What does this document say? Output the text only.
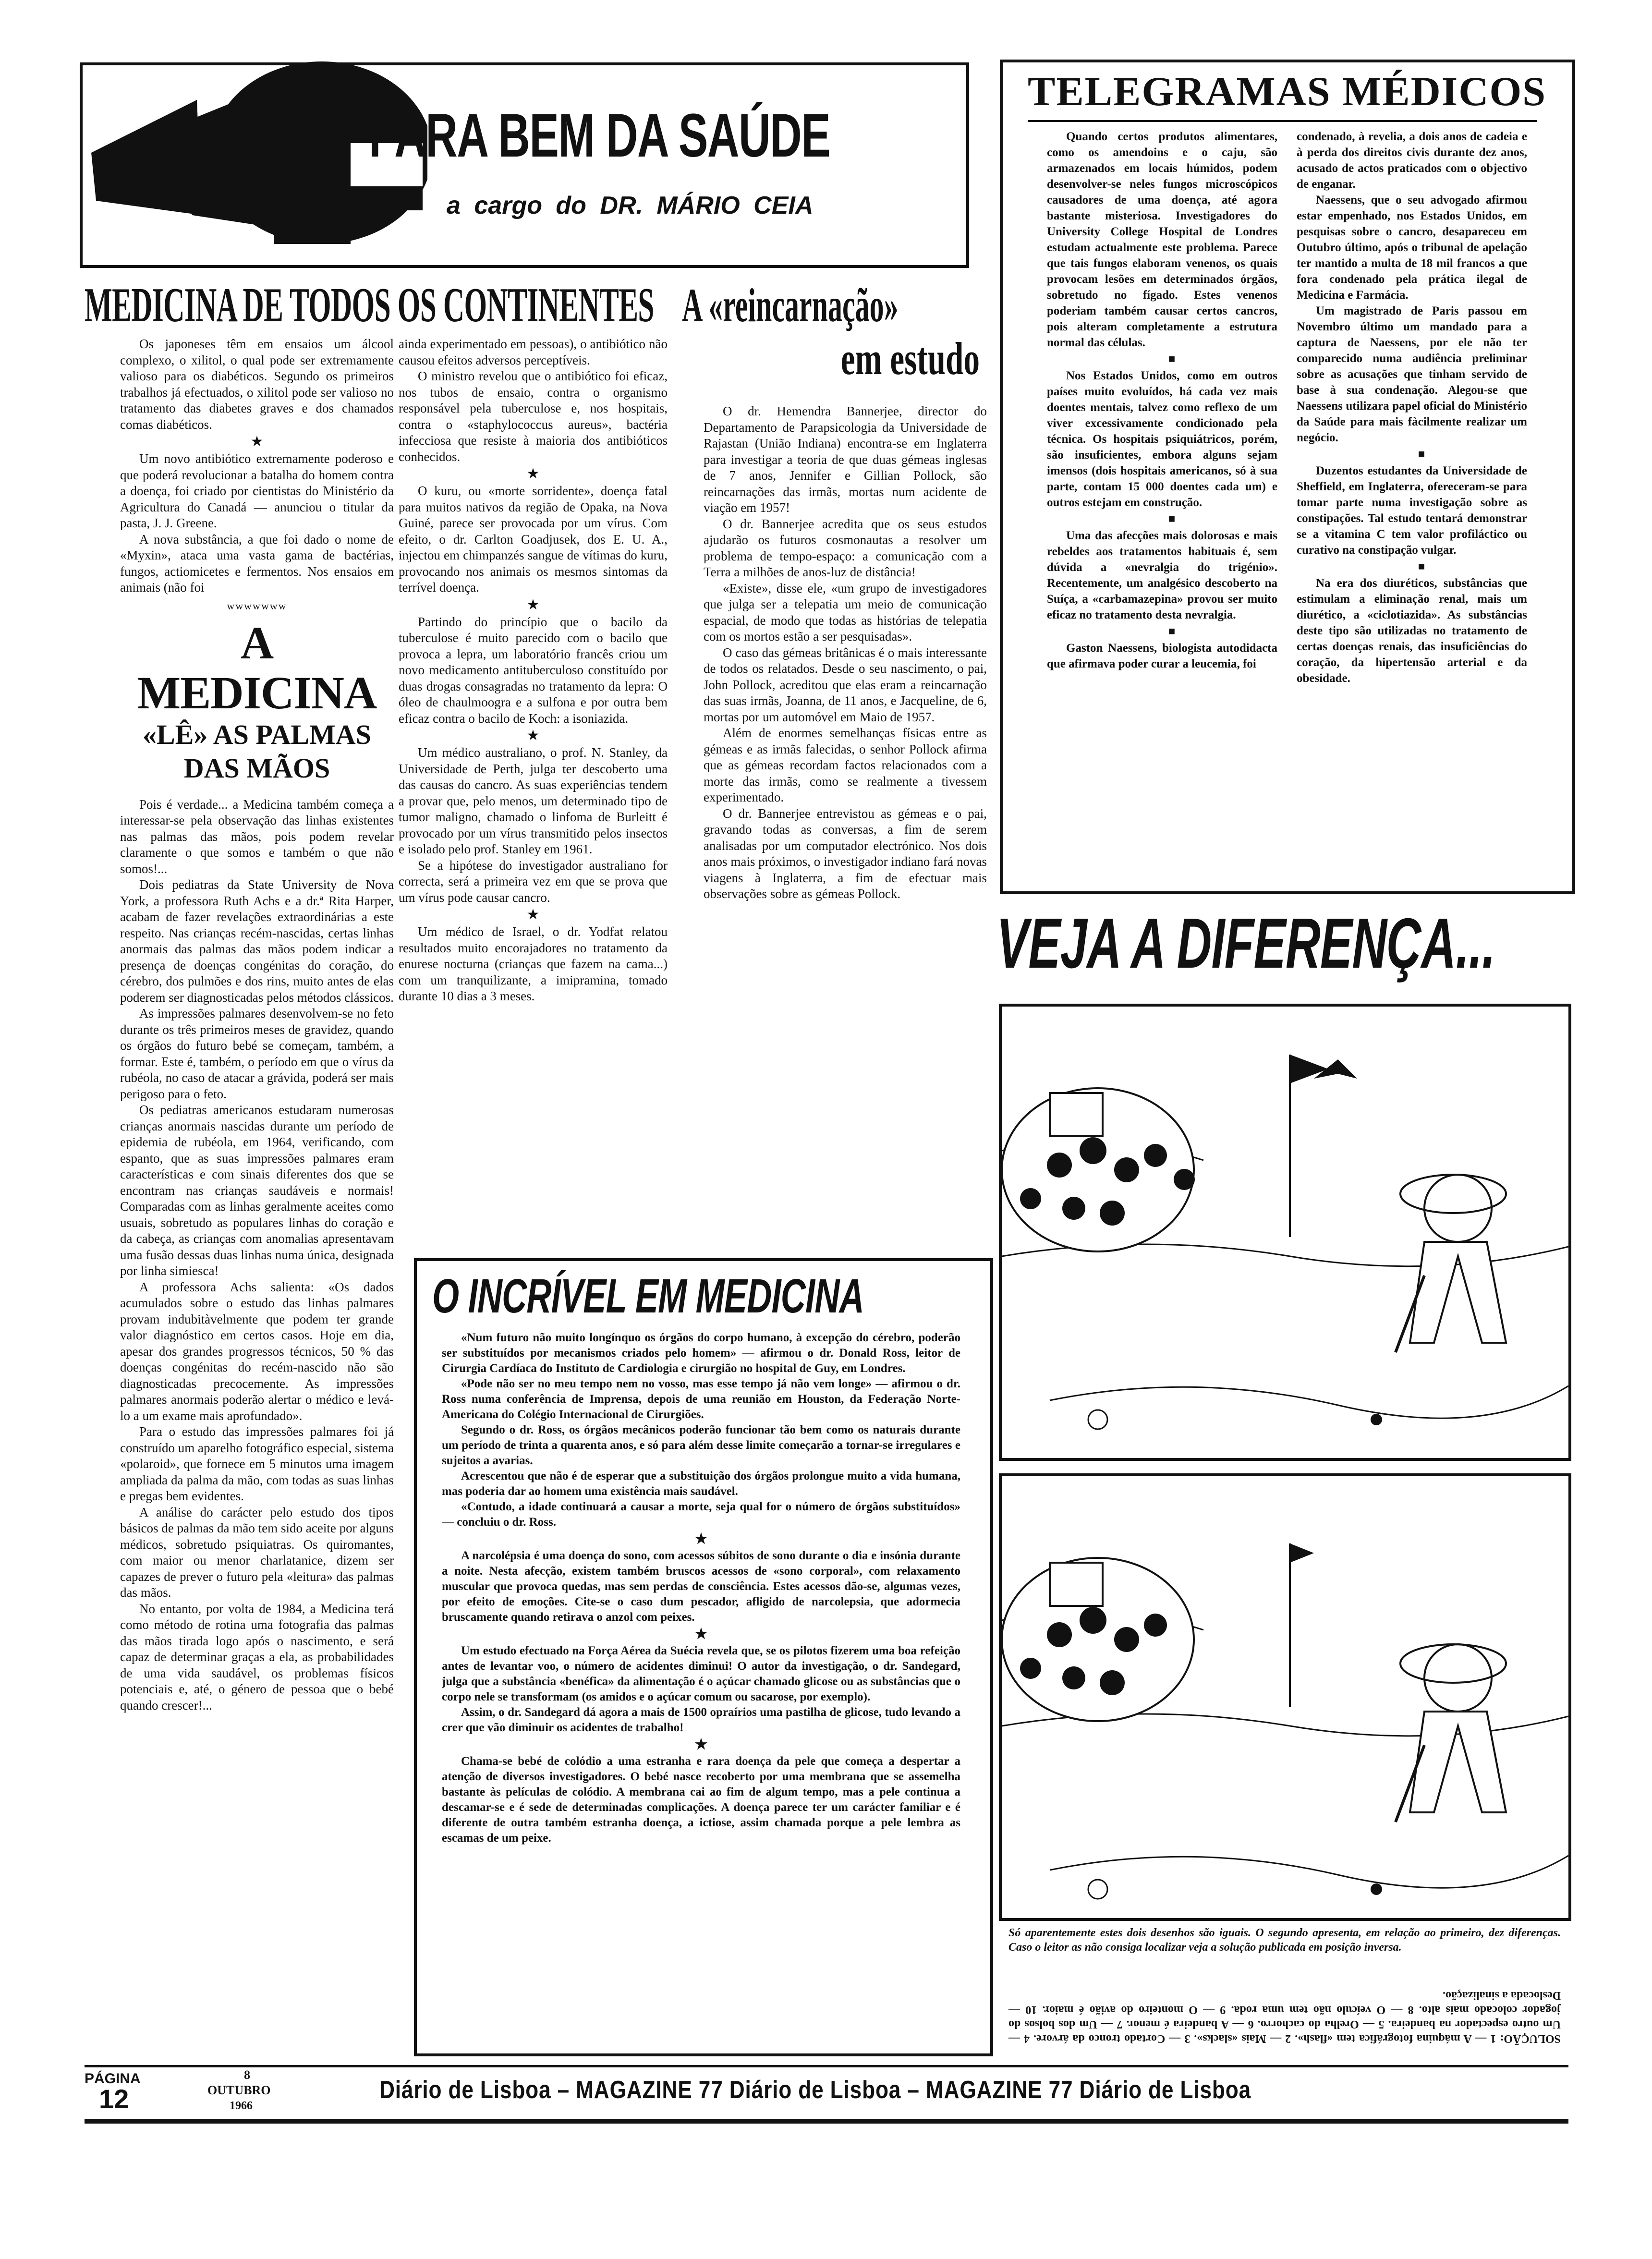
PARA BEM DA SAÚDE
a cargo do DR. MÁRIO CEIA
MEDICINA DE TODOS OS CONTINENTES

Os japoneses têm em ensaios um álcool complexo, o xilitol, o qual pode ser extremamente valioso para os diabéticos. Segundo os primeiros trabalhos já efectuados, o xilitol pode ser valioso no tratamento das diabetes graves e dos chamados comas diabéticos.

★

Um novo antibiótico extremamente poderoso e que poderá revolucionar a batalha do homem contra a doença, foi criado por cientistas do Ministério da Agricultura do Canadá — anunciou o titular da pasta, J. J. Greene.

A nova substância, a que foi dado o nome de «Myxin», ataca uma vasta gama de bactérias, fungos, actiomicetes e fermentos. Nos ensaios em animais (não foi

ᴡᴡᴡᴡᴡᴡᴡ

A MEDICINA
«LÊ» AS PALMAS
DAS MÃOS

Pois é verdade... a Medicina também começa a interessar-se pela observação das linhas existentes nas palmas das mãos, pois podem revelar claramente o que somos e também o que não somos!...

Dois pediatras da State University de Nova York, a professora Ruth Achs e a dr.ª Rita Harper, acabam de fazer revelações extraordinárias a este respeito. Nas crianças recém-nascidas, certas linhas anormais das palmas das mãos podem indicar a presença de doenças congénitas do coração, do cérebro, dos pulmões e dos rins, muito antes de elas poderem ser diagnosticadas pelos métodos clássicos.

As impressões palmares desenvolvem-se no feto durante os três primeiros meses de gravidez, quando os órgãos do futuro bebé se começam, também, a formar. Este é, também, o período em que o vírus da rubéola, no caso de atacar a grávida, poderá ser mais perigoso para o feto.

Os pediatras americanos estudaram numerosas crianças anormais nascidas durante um período de epidemia de rubéola, em 1964, verificando, com espanto, que as suas impressões palmares eram características e com sinais diferentes dos que se encontram nas crianças saudáveis e normais! Comparadas com as linhas geralmente aceites como usuais, sobretudo as populares linhas do coração e da cabeça, as crianças com anomalias apresentavam uma fusão dessas duas linhas numa única, designada por linha simiesca!

A professora Achs salienta: «Os dados acumulados sobre o estudo das linhas palmares provam indubitàvelmente que podem ter grande valor diagnóstico em certos casos. Hoje em dia, apesar dos grandes progressos técnicos, 50 % das doenças congénitas do recém-nascido não são diagnosticadas precocemente. As impressões palmares anormais poderão alertar o médico e levá-lo a um exame mais aprofundado».

Para o estudo das impressões palmares foi já construído um aparelho fotográfico especial, sistema «polaroid», que fornece em 5 minutos uma imagem ampliada da palma da mão, com todas as suas linhas e pregas bem evidentes.

A análise do carácter pelo estudo dos tipos básicos de palmas da mão tem sido aceite por alguns médicos, sobretudo psiquiatras. Os quiromantes, com maior ou menor charlatanice, dizem ser capazes de prever o futuro pela «leitura» das palmas das mãos.

No entanto, por volta de 1984, a Medicina terá como método de rotina uma fotografia das palmas das mãos tirada logo após o nascimento, e será capaz de determinar graças a ela, as probabilidades de uma vida saudável, os problemas físicos potenciais e, até, o género de pessoa que o bebé quando crescer!...

ainda experimentado em pessoas), o antibiótico não causou efeitos adversos perceptíveis.

O ministro revelou que o antibiótico foi eficaz, nos tubos de ensaio, contra o organismo responsável pela tuberculose e, nos hospitais, contra o «staphylococcus aureus», bactéria infecciosa que resiste à maioria dos antibióticos conhecidos.

★

O kuru, ou «morte sorridente», doença fatal para muitos nativos da região de Opaka, na Nova Guiné, parece ser provocada por um vírus. Com efeito, o dr. Carlton Goadjusek, dos E. U. A., injectou em chimpanzés sangue de vítimas do kuru, provocando nos animais os mesmos sintomas da terrível doença.

★

Partindo do princípio que o bacilo da tuberculose é muito parecido com o bacilo que provoca a lepra, um laboratório francês criou um novo medicamento antituberculoso constituído por duas drogas consagradas no tratamento da lepra: O óleo de chaulmoogra e a sulfona e por outra bem eficaz contra o bacilo de Koch: a isoniazida.

★

Um médico australiano, o prof. N. Stanley, da Universidade de Perth, julga ter descoberto uma das causas do cancro. As suas experiências tendem a provar que, pelo menos, um determinado tipo de tumor maligno, chamado o linfoma de Burleitt é provocado por um vírus transmitido pelos insectos e isolado pelo prof. Stanley em 1961.

Se a hipótese do investigador australiano for correcta, será a primeira vez em que se prova que um vírus pode causar cancro.

★

Um médico de Israel, o dr. Yodfat relatou resultados muito encorajadores no tratamento da enurese nocturna (crianças que fazem na cama...) com um tranquilizante, a imipramina, tomado durante 10 dias a 3 meses.

A «reincarnação»
em estudo

O dr. Hemendra Bannerjee, director do Departamento de Parapsicologia da Universidade de Rajastan (União Indiana) encontra-se em Inglaterra para investigar a teoria de que duas gémeas inglesas de 7 anos, Jennifer e Gillian Pollock, são reincarnações das irmãs, mortas num acidente de viação em 1957!

O dr. Bannerjee acredita que os seus estudos ajudarão os futuros cosmonautas a resolver um problema de tempo-espaço: a comunicação com a Terra a milhões de anos-luz de distância!

«Existe», disse ele, «um grupo de investigadores que julga ser a telepatia um meio de comunicação espacial, de modo que todas as histórias de telepatia com os mortos estão a ser pesquisadas».

O caso das gémeas britânicas é o mais interessante de todos os relatados. Desde o seu nascimento, o pai, John Pollock, acreditou que elas eram a reincarnação das suas irmãs, Joanna, de 11 anos, e Jacqueline, de 6, mortas por um automóvel em Maio de 1957.

Além de enormes semelhanças físicas entre as gémeas e as irmãs falecidas, o senhor Pollock afirma que as gémeas recordam factos relacionados com a morte das irmãs, como se realmente a tivessem experimentado.

O dr. Bannerjee entrevistou as gémeas e o pai, gravando todas as conversas, a fim de serem analisadas por um computador electrónico. Nos dois anos mais próximos, o investigador indiano fará novas viagens à Inglaterra, a fim de efectuar mais observações sobre as gémeas Pollock.

TELEGRAMAS MÉDICOS

Quando certos produtos alimentares, como os amendoins e o caju, são armazenados em locais húmidos, podem desenvolver-se neles fungos microscópicos causadores de uma doença, até agora bastante misteriosa. Investigadores do University College Hospital de Londres estudam actualmente este problema. Parece que tais fungos elaboram venenos, os quais provocam lesões em determinados órgãos, sobretudo no fígado. Estes venenos poderiam também causar certos cancros, pois alteram completamente a estrutura normal das células.

■

Nos Estados Unidos, como em outros países muito evoluídos, há cada vez mais doentes mentais, talvez como reflexo de um viver excessivamente condicionado pela técnica. Os hospitais psiquiátricos, porém, são insuficientes, embora alguns sejam imensos (dois hospitais americanos, só à sua parte, contam 15 000 doentes cada um) e outros estejam em construção.

■

Uma das afecções mais dolorosas e mais rebeldes aos tratamentos habituais é, sem dúvida a «nevralgia do trigénio». Recentemente, um analgésico descoberto na Suíça, a «carbamazepina» provou ser muito eficaz no tratamento desta nevralgia.

■

Gaston Naessens, biologista autodidacta que afirmava poder curar a leucemia, foi

condenado, à revelia, a dois anos de cadeia e à perda dos direitos civis durante dez anos, acusado de actos praticados com o objectivo de enganar.

Naessens, que o seu advogado afirmou estar empenhado, nos Estados Unidos, em pesquisas sobre o cancro, desapareceu em Outubro último, após o tribunal de apelação ter mantido a multa de 18 mil francos a que fora condenado pela prática ilegal de Medicina e Farmácia.

Um magistrado de Paris passou em Novembro último um mandado para a captura de Naessens, por ele não ter comparecido numa audiência preliminar sobre as acusações que tinham servido de base à sua condenação. Alegou-se que Naessens utilizara papel oficial do Ministério da Saúde para mais fàcilmente realizar um negócio.

■

Duzentos estudantes da Universidade de Sheffield, em Inglaterra, ofereceram-se para tomar parte numa investigação sobre as constipações. Tal estudo tentará demonstrar se a vitamina C tem valor profiláctico ou curativo na constipação vulgar.

■

Na era dos diuréticos, substâncias que estimulam a eliminação renal, mais um diurético, a «ciclotiazida». As substâncias deste tipo são utilizadas no tratamento de certas doenças renais, das insuficiências do coração, da hipertensão arterial e da obesidade.

VEJA A DIFERENÇA...
Só aparentemente estes dois desenhos são iguais. O segundo apresenta, em relação ao primeiro, dez diferenças. Caso o leitor as não consiga localizar veja a solução publicada em posição inversa.
SOLUÇÃO: 1 — A máquina fotográfica tem «flash». 2 — Mais «slacks». 3 — Cortado tronco da árvore. 4 — Um outro espectador na bandeira. 5 — Orelha do cachorro. 6 — A bandeira é menor. 7 — Um dos bolsos do jogador colocado mais alto. 8 — O veículo não tem uma roda. 9 — O monteiro do avião é maior. 10 — Deslocada a sinalização.
O INCRÍVEL EM MEDICINA

«Num futuro não muito longínquo os órgãos do corpo humano, à excepção do cérebro, poderão ser substituídos por mecanismos criados pelo homem» — afirmou o dr. Donald Ross, leitor de Cirurgia Cardíaca do Instituto de Cardiologia e cirurgião no hospital de Guy, em Londres.

«Pode não ser no meu tempo nem no vosso, mas esse tempo já não vem longe» — afirmou o dr. Ross numa conferência de Imprensa, depois de uma reunião em Houston, da Federação Norte-Americana do Colégio Internacional de Cirurgiões.

Segundo o dr. Ross, os órgãos mecânicos poderão funcionar tão bem como os naturais durante um período de trinta a quarenta anos, e só para além desse limite começarão a tornar-se irregulares e sujeitos a avarias.

Acrescentou que não é de esperar que a substituição dos órgãos prolongue muito a vida humana, mas poderia dar ao homem uma existência mais saudável.

«Contudo, a idade continuará a causar a morte, seja qual for o número de órgãos substituídos» — concluiu o dr. Ross.

★

A narcolépsia é uma doença do sono, com acessos súbitos de sono durante o dia e insónia durante a noite. Nesta afecção, existem também bruscos acessos de «sono corporal», com relaxamento muscular que provoca quedas, mas sem perdas de consciência. Estes acessos dão-se, algumas vezes, por efeito de emoções. Cite-se o caso dum pescador, afligido de narcolepsia, que adormecia bruscamente quando retirava o anzol com peixes.

★

Um estudo efectuado na Força Aérea da Suécia revela que, se os pilotos fizerem uma boa refeição antes de levantar voo, o número de acidentes diminui! O autor da investigação, o dr. Sandegard, julga que a substância «benéfica» da alimentação é o açúcar chamado glicose ou as substâncias que o corpo nele se transformam (os amidos e o açúcar comum ou sacarose, por exemplo).

Assim, o dr. Sandegard dá agora a mais de 1500 opraírios uma pastilha de glicose, tudo levando a crer que vão diminuir os acidentes de trabalho!

★

Chama-se bebé de colódio a uma estranha e rara doença da pele que começa a despertar a atenção de diversos investigadores. O bebé nasce recoberto por uma membrana que se assemelha bastante às películas de colódio. A membrana cai ao fim de algum tempo, mas a pele continua a descamar-se e é sede de determinadas complicações. A doença parece ter um carácter familiar e é diferente de outra também estranha doença, a ictiose, assim chamada porque a pele lembra as escamas de um peixe.

PÁGINA
12
8
OUTUBRO
1966
Diário de Lisboa – MAGAZINE 77 Diário de Lisboa – MAGAZINE 77 Diário de Lisboa
